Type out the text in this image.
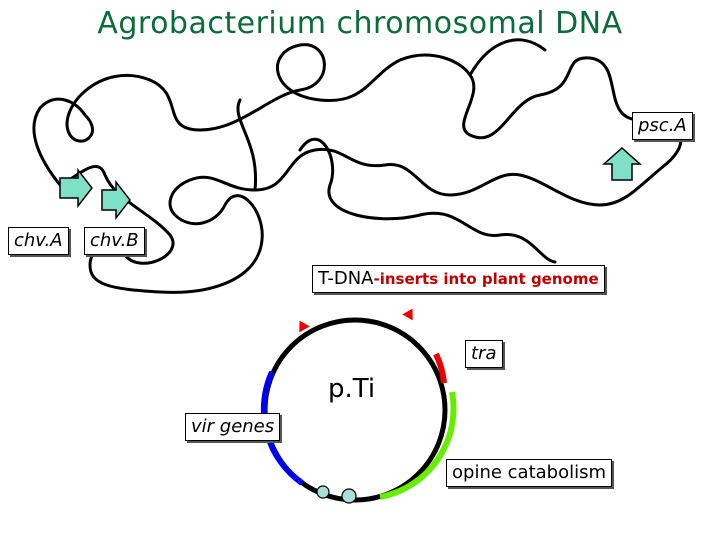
Agrobacterium chromosomal DNA
psc.A
chv.A	chv.B
T-DNA-inserts into plant genome
tra
p.Ti
vir genes
opine catabolism
